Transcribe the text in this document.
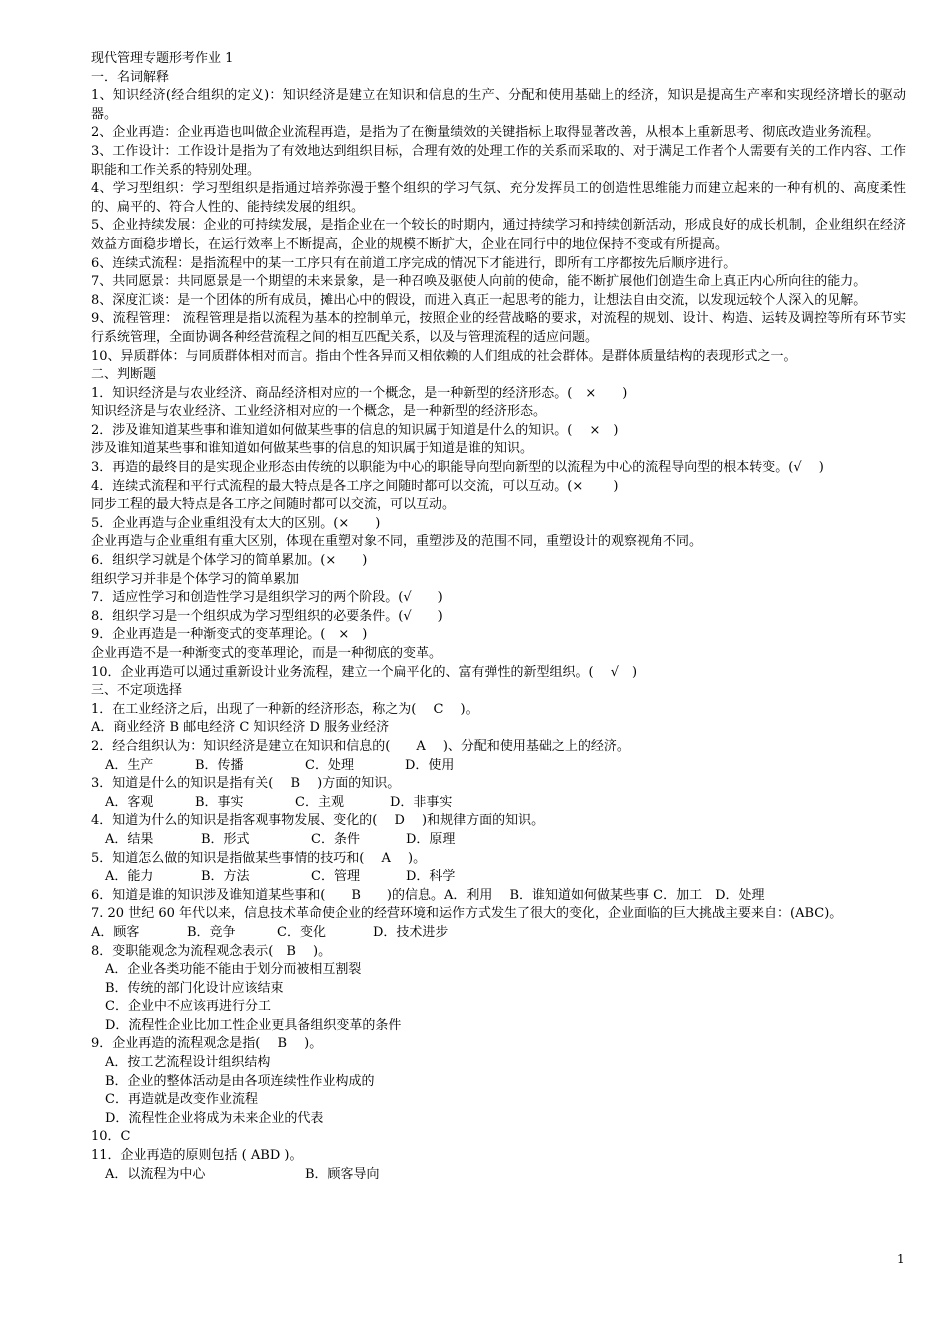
现代管理专题形考作业 1
一．名词解释
1、知识经济(经合组织的定义)：知识经济是建立在知识和信息的生产、分配和使用基础上的经济，知识是提高生产率和实现经济增长的驱动器。
2、企业再造：企业再造也叫做企业流程再造，是指为了在衡量绩效的关键指标上取得显著改善，从根本上重新思考、彻底改造业务流程。
3、工作设计：工作设计是指为了有效地达到组织目标，合理有效的处理工作的关系而采取的、对于满足工作者个人需要有关的工作内容、工作职能和工作关系的特别处理。
4、学习型组织：学习型组织是指通过培养弥漫于整个组织的学习气氛、充分发挥员工的创造性思维能力而建立起来的一种有机的、高度柔性的、扁平的、符合人性的、能持续发展的组织。
5、企业持续发展：企业的可持续发展，是指企业在一个较长的时期内，通过持续学习和持续创新活动，形成良好的成长机制，企业组织在经济效益方面稳步增长，在运行效率上不断提高，企业的规模不断扩大，企业在同行中的地位保持不变或有所提高。
6、连续式流程：是指流程中的某一工序只有在前道工序完成的情况下才能进行，即所有工序都按先后顺序进行。
7、共同愿景：共同愿景是一个期望的未来景象，是一种召唤及驱使人向前的使命，能不断扩展他们创造生命上真正内心所向往的能力。
8、深度汇谈：是一个团体的所有成员，摊出心中的假设，而进入真正一起思考的能力，让想法自由交流，以发现远较个人深入的见解。
9、流程管理： 流程管理是指以流程为基本的控制单元，按照企业的经营战略的要求，对流程的规划、设计、构造、运转及调控等所有环节实行系统管理，全面协调各种经营流程之间的相互匹配关系，以及与管理流程的适应问题。
10、异质群体：与同质群体相对而言。指由个性各异而又相依赖的人们组成的社会群体。是群体质量结构的表现形式之一。
二、判断题
1．知识经济是与农业经济、商品经济相对应的一个概念，是一种新型的经济形态。(　×　　)
知识经济是与农业经济、工业经济相对应的一个概念，是一种新型的经济形态。
2．涉及谁知道某些事和谁知道如何做某些事的信息的知识属于知道是什么的知识。(　 ×　)
涉及谁知道某些事和谁知道如何做某些事的信息的知识属于知道是谁的知识。
3．再造的最终目的是实现企业形态由传统的以职能为中心的职能导向型向新型的以流程为中心的流程导向型的根本转变。(√　 )
4．连续式流程和平行式流程的最大特点是各工序之间随时都可以交流，可以互动。(×　　 )
同步工程的最大特点是各工序之间随时都可以交流，可以互动。
5．企业再造与企业重组没有太大的区别。(×　　)
企业再造与企业重组有重大区别，体现在重塑对象不同，重塑涉及的范围不同，重塑设计的观察视角不同。
6．组织学习就是个体学习的简单累加。(×　　)
组织学习并非是个体学习的简单累加
7．适应性学习和创造性学习是组织学习的两个阶段。(√　　)
8．组织学习是一个组织成为学习型组织的必要条件。(√　　)
9．企业再造是一种渐变式的变革理论。(　×　)
企业再造不是一种渐变式的变革理论，而是一种彻底的变革。
10．企业再造可以通过重新设计业务流程，建立一个扁平化的、富有弹性的新型组织。(　 √　)
三、不定项选择
1．在工业经济之后，出现了一种新的经济形态，称之为(　 C　 )。
A．商业经济 B 邮电经济 C 知识经济 D 服务业经济
2．经合组织认为：知识经济是建立在知识和信息的(　　A　 )、分配和使用基础之上的经济。
A．生产	B．传播	C．处理	D．使用
3．知道是什么的知识是指有关(　 B　 )方面的知识。
A．客观	B．事实	C．主观	D．非事实
4．知道为什么的知识是指客观事物发展、变化的(　 D　 )和规律方面的知识。
A．结果	B．形式	C．条件	D．原理
5．知道怎么做的知识是指做某些事情的技巧和(　 A　 )。
A．能力	B．方法	C．管理	D．科学
6．知道是谁的知识涉及谁知道某些事和(　　B　　)的信息。A．利用　 B．谁知道如何做某些事 C．加工　D．处理
7. 20 世纪 60 年代以来，信息技术革命使企业的经营环境和运作方式发生了很大的变化，企业面临的巨大挑战主要来自：(ABC)。
A．顾客	B．竞争	C．变化	D．技术进步
8．变职能观念为流程观念表示(　B　 )。
A．企业各类功能不能由于划分而被相互割裂
B．传统的部门化设计应该结束
C．企业中不应该再进行分工
D．流程性企业比加工性企业更具备组织变革的条件
9．企业再造的流程观念是指(　 B　 )。
A．按工艺流程设计组织结构
B．企业的整体活动是由各项连续性作业构成的
C．再造就是改变作业流程
D．流程性企业将成为未来企业的代表
10．C
11．企业再造的原则包括 ( ABD )。
A．以流程为中心	B．顾客导向
1
